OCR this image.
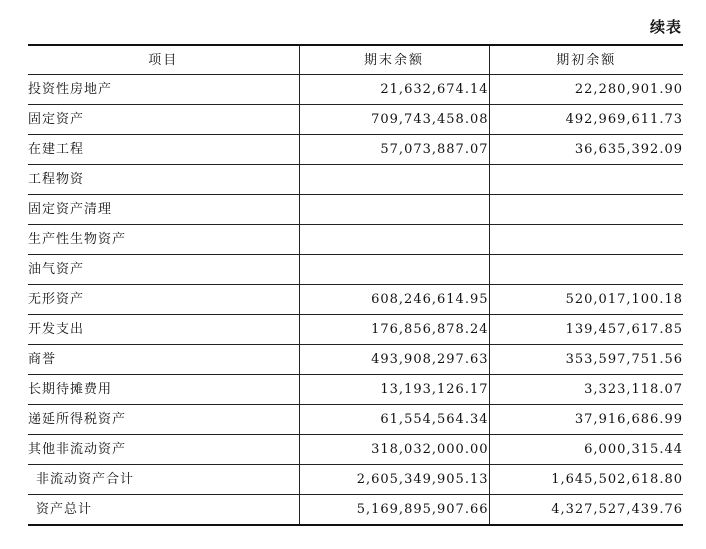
续表
项目	期末余额	期初余额
投资性房地产	21,632,674.14	22,280,901.90
固定资产	709,743,458.08	492,969,611.73
在建工程	57,073,887.07	36,635,392.09
工程物资		
固定资产清理		
生产性生物资产		
油气资产		
无形资产	608,246,614.95	520,017,100.18
开发支出	176,856,878.24	139,457,617.85
商誉	493,908,297.63	353,597,751.56
长期待摊费用	13,193,126.17	3,323,118.07
递延所得税资产	61,554,564.34	37,916,686.99
其他非流动资产	318,032,000.00	6,000,315.44
非流动资产合计	2,605,349,905.13	1,645,502,618.80
资产总计	5,169,895,907.66	4,327,527,439.76
